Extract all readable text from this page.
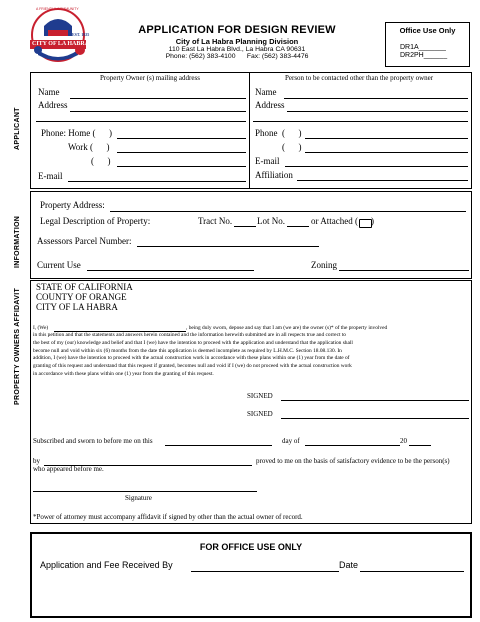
A FRIENDLY COMMUNITY
EST. 1925
CITY OF LA HABRA
APPLICATION FOR DESIGN REVIEW
City of La Habra Planning Division
110 East La Habra Blvd., La Habra CA 90631
Phone: (562) 383-4100      Fax: (562) 383-4476
Office Use Only
DR1A_______
DR2PH______
APPLICANT
Property Owner (s) mailing address	Person to be contacted other than the property owner
Name
Address
Phone: Home (      )
Work (      )
(      )
E-mail
Name
Address
Phone  (      )
(      )
E-mail
Affiliation
INFORMATION
Property Address:
Legal Description of Property:	Tract No.	Lot No.	or Attached ( )
Assessors Parcel Number:
Current Use	Zoning
PROPERTY OWNERS AFFIDAVIT
STATE OF CALIFORNIA
COUNTY OF ORANGE
CITY OF LA HABRA
I, (We)	, being duly sworn, depose and say that I am (we are) the owner (s)* of the property involved
in this petition and that the statements and answers herein contained and the information herewith submitted are in all respects true and correct to
the best of my (our) knowledge and belief and that I (we) have the intention to proceed with the application and understand that the application shall
become null and void within six (6) months from the date this application is deemed incomplete as required by L.H.M.C. Section 18.08.130. In
addition, I (we) have the intention to proceed with the actual construction work in accordance with these plans within one (1) year from the date of
granting of this request and understand that this request if granted, becomes null and void if I (we) do not proceed with the actual construction work
in accordance with these plans within one (1) year from the granting of this request.
SIGNED
SIGNED
Subscribed and sworn to before me on this	day of	20
by	proved to me on the basis of satisfactory evidence to be the person(s)
who appeared before me.
Signature
*Power of attorney must accompany affidavit if signed by other than the actual owner of record.
FOR OFFICE USE ONLY
Application and Fee Received By	Date
